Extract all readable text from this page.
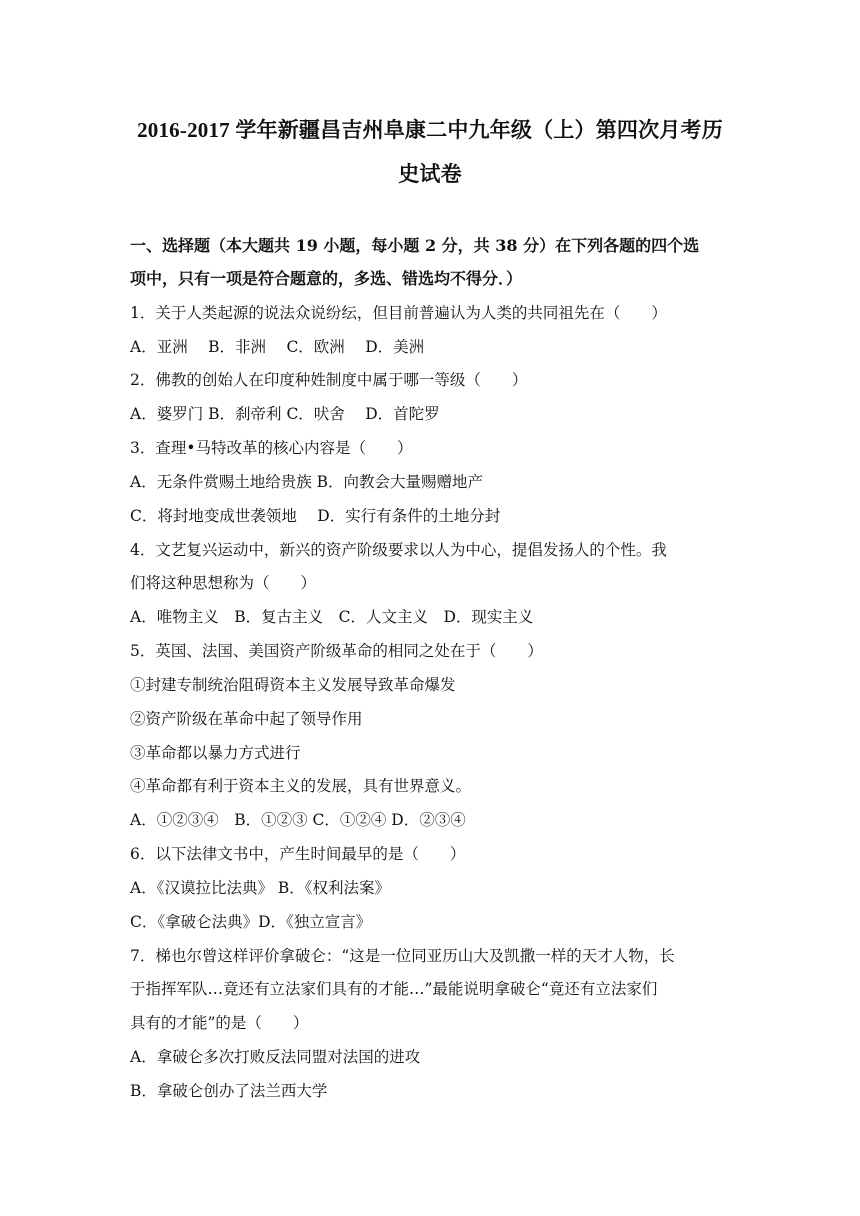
2016-2017 学年新疆昌吉州阜康二中九年级（上）第四次月考历
史试卷
一、选择题（本大题共 19 小题，每小题 2 分，共 38 分）在下列各题的四个选
项中，只有一项是符合题意的，多选、错选均不得分．）
1．关于人类起源的说法众说纷纭，但目前普遍认为人类的共同祖先在（　　）
A．亚洲　 B．非洲　 C．欧洲　 D．美洲
2．佛教的创始人在印度种姓制度中属于哪一等级（　　）
A．婆罗门 B．刹帝利 C．吠舍　 D．首陀罗
3．查理•马特改革的核心内容是（　　）
A．无条件赏赐土地给贵族 B．向教会大量赐赠地产
C．将封地变成世袭领地　 D．实行有条件的土地分封
4．文艺复兴运动中，新兴的资产阶级要求以人为中心，提倡发扬人的个性。我
们将这种思想称为（　　）
A．唯物主义　B．复古主义　C．人文主义　D．现实主义
5．英国、法国、美国资产阶级革命的相同之处在于（　　）
①封建专制统治阻碍资本主义发展导致革命爆发
②资产阶级在革命中起了领导作用
③革命都以暴力方式进行
④革命都有利于资本主义的发展，具有世界意义。
A．①②③④　B．①②③ C．①②④ D．②③④
6．以下法律文书中，产生时间最早的是（　　）
A．《汉谟拉比法典》 B．《权利法案》
C．《拿破仑法典》D．《独立宣言》
7．梯也尔曾这样评价拿破仑：“这是一位同亚历山大及凯撒一样的天才人物，长
于指挥军队…竟还有立法家们具有的才能…”最能说明拿破仑“竟还有立法家们
具有的才能”的是（　　）
A．拿破仑多次打败反法同盟对法国的进攻
B．拿破仑创办了法兰西大学
